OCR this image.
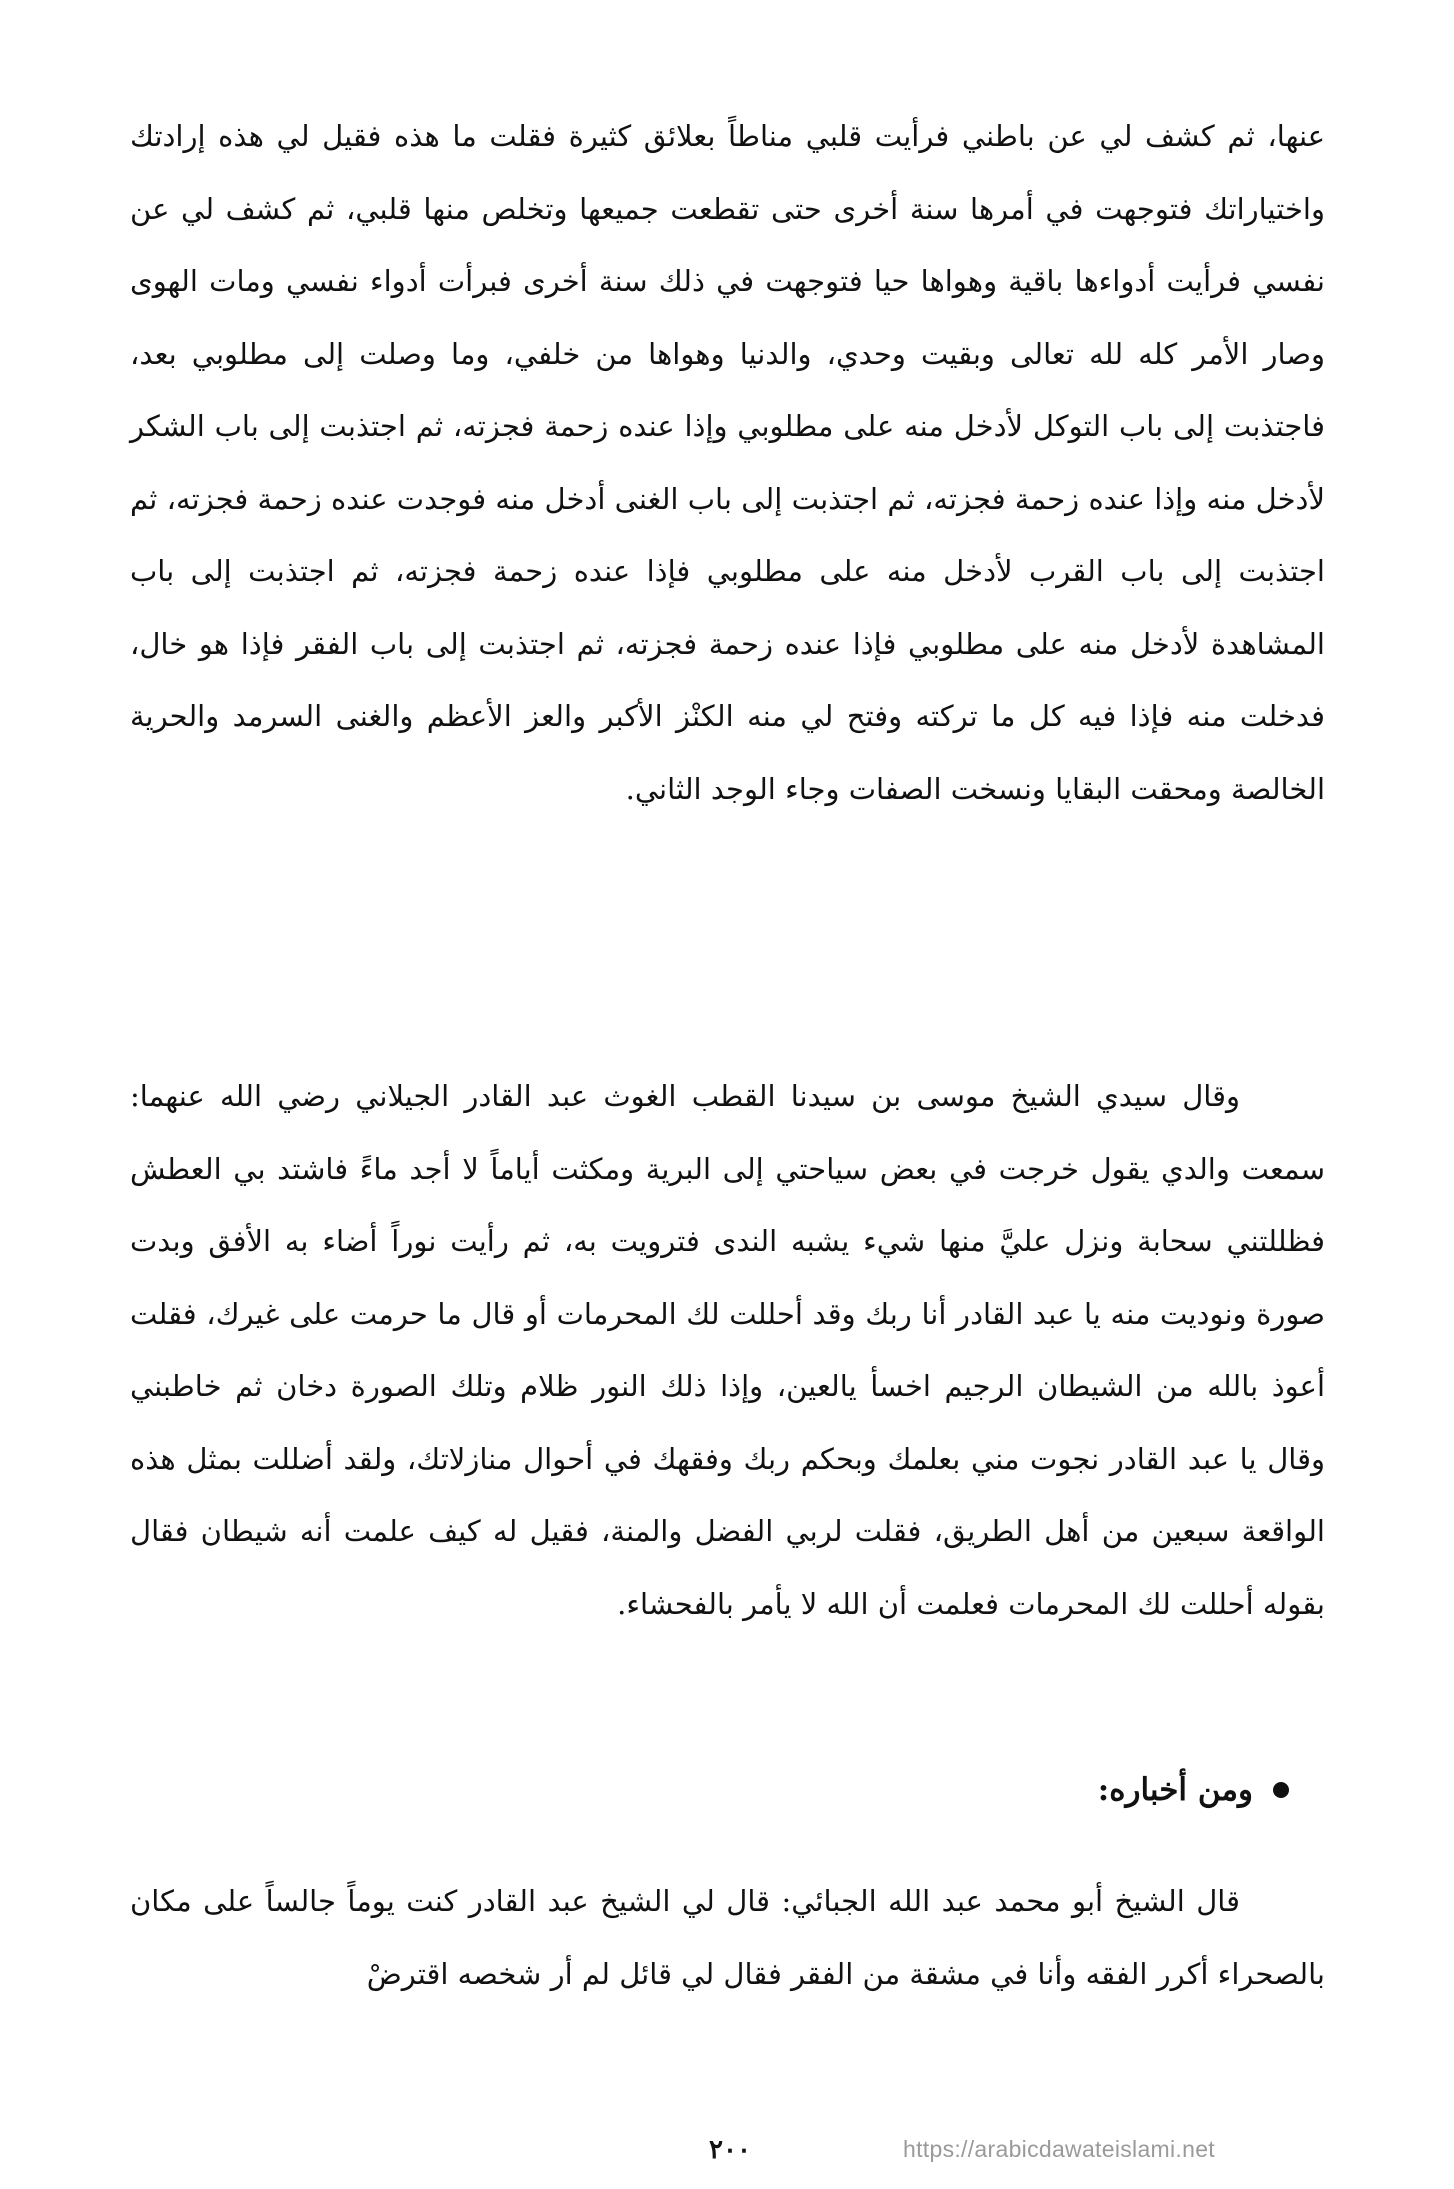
عنها، ثم كشف لي عن باطني فرأيت قلبي مناطاً بعلائق كثيرة فقلت ما هذه فقيل لي هذه إرادتك واختياراتك فتوجهت في أمرها سنة أخرى حتى تقطعت جميعها وتخلص منها قلبي، ثم كشف لي عن نفسي فرأيت أدواءها باقية وهواها حيا فتوجهت في ذلك سنة أخرى فبرأت أدواء نفسي ومات الهوى وصار الأمر كله لله تعالى وبقيت وحدي، والدنيا وهواها من خلفي، وما وصلت إلى مطلوبي بعد، فاجتذبت إلى باب التوكل لأدخل منه على مطلوبي وإذا عنده زحمة فجزته، ثم اجتذبت إلى باب الشكر لأدخل منه وإذا عنده زحمة فجزته، ثم اجتذبت إلى باب الغنى أدخل منه فوجدت عنده زحمة فجزته، ثم اجتذبت إلى باب القرب لأدخل منه على مطلوبي فإذا عنده زحمة فجزته، ثم اجتذبت إلى باب المشاهدة لأدخل منه على مطلوبي فإذا عنده زحمة فجزته، ثم اجتذبت إلى باب الفقر فإذا هو خال، فدخلت منه فإذا فيه كل ما تركته وفتح لي منه الكنْز الأكبر والعز الأعظم والغنى السرمد والحرية الخالصة ومحقت البقايا ونسخت الصفات وجاء الوجد الثاني.

وقال سيدي الشيخ موسى بن سيدنا القطب الغوث عبد القادر الجيلاني رضي الله عنهما: سمعت والدي يقول خرجت في بعض سياحتي إلى البرية ومكثت أياماً لا أجد ماءً فاشتد بي العطش فظللتني سحابة ونزل عليَّ منها شيء يشبه الندى فترويت به، ثم رأيت نوراً أضاء به الأفق وبدت صورة ونوديت منه يا عبد القادر أنا ربك وقد أحللت لك المحرمات أو قال ما حرمت على غيرك، فقلت أعوذ بالله من الشيطان الرجيم اخسأ يالعين، وإذا ذلك النور ظلام وتلك الصورة دخان ثم خاطبني وقال يا عبد القادر نجوت مني بعلمك وبحكم ربك وفقهك في أحوال منازلاتك، ولقد أضللت بمثل هذه الواقعة سبعين من أهل الطريق، فقلت لربي الفضل والمنة، فقيل له كيف علمت أنه شيطان فقال بقوله أحللت لك المحرمات فعلمت أن الله لا يأمر بالفحشاء.

ومن أخباره:

قال الشيخ أبو محمد عبد الله الجبائي: قال لي الشيخ عبد القادر كنت يوماً جالساً على مكان بالصحراء أكرر الفقه وأنا في مشقة من الفقر فقال لي قائل لم أر شخصه اقترضْ

٢٠٠	https://arabicdawateislami.net
